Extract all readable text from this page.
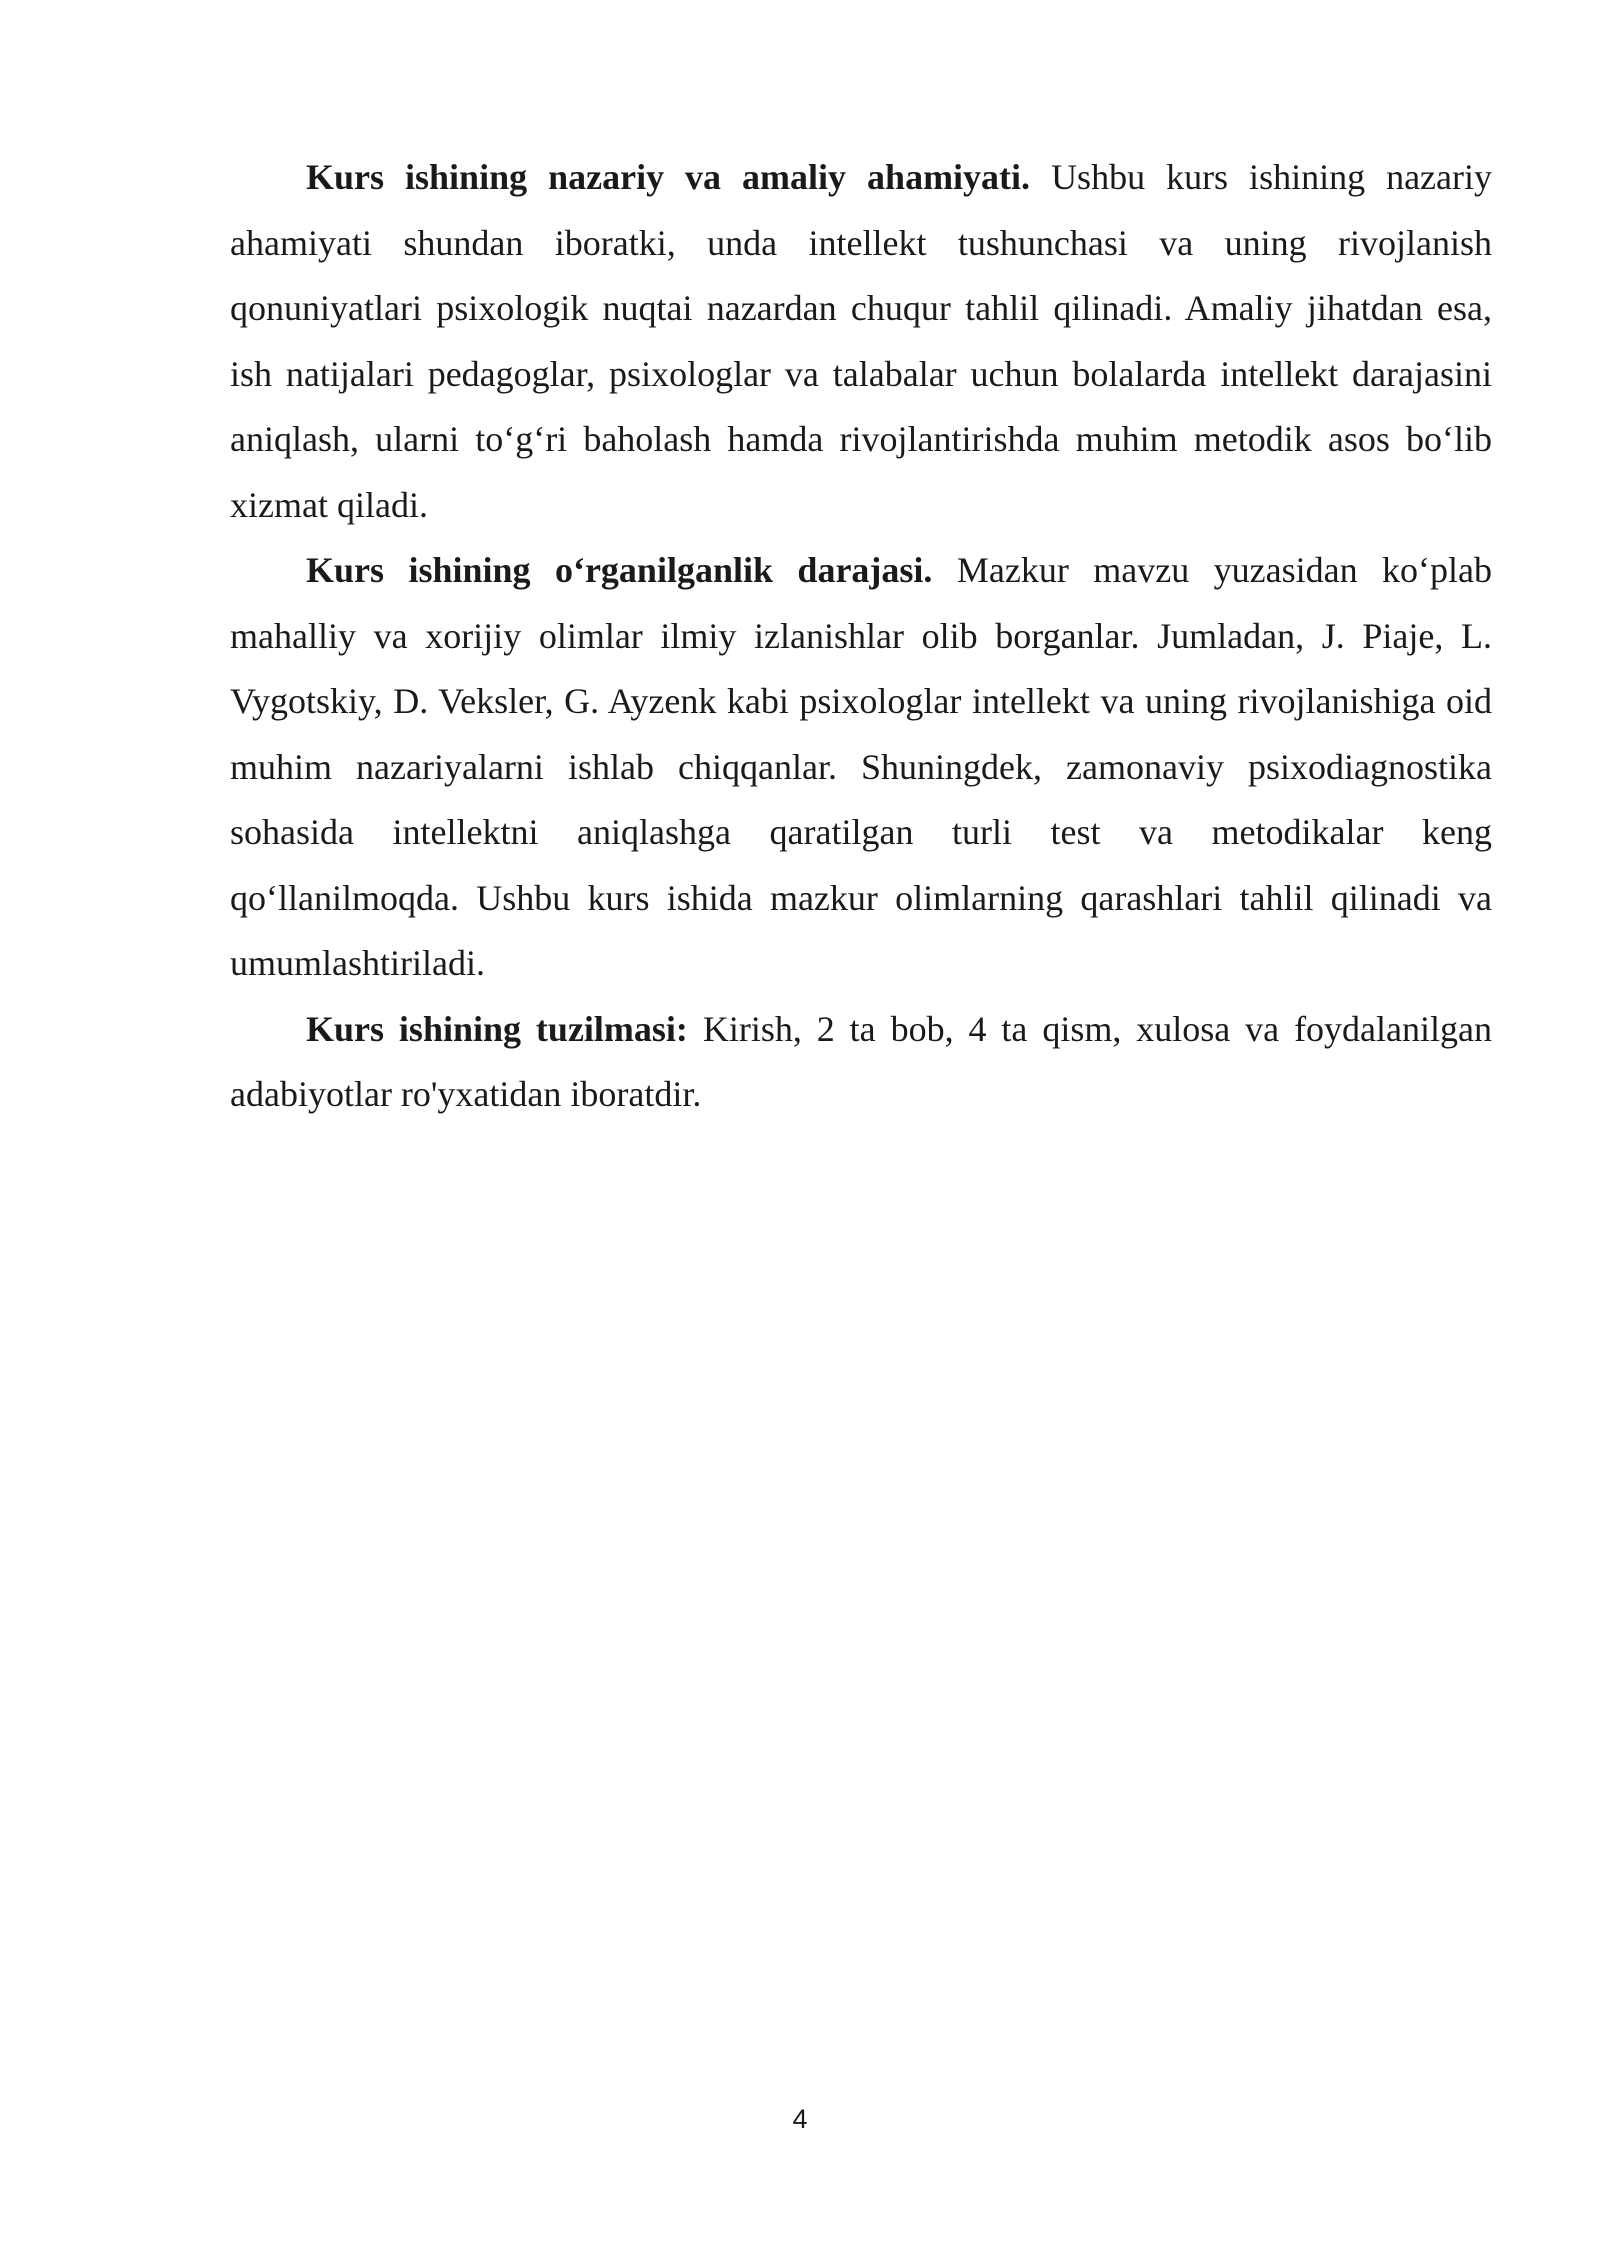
Kurs ishining nazariy va amaliy ahamiyati. Ushbu kurs ishining nazariy ahamiyati shundan iboratki, unda intellekt tushunchasi va uning rivojlanish qonuniyatlari psixologik nuqtai nazardan chuqur tahlil qilinadi. Amaliy jihatdan esa, ish natijalari pedagoglar, psixologlar va talabalar uchun bolalarda intellekt darajasini aniqlash, ularni to‘g‘ri baholash hamda rivojlantirishda muhim metodik asos bo‘lib xizmat qiladi.

Kurs ishining o‘rganilganlik darajasi. Mazkur mavzu yuzasidan ko‘plab mahalliy va xorijiy olimlar ilmiy izlanishlar olib borganlar. Jumladan, J. Piaje, L. Vygotskiy, D. Veksler, G. Ayzenk kabi psixologlar intellekt va uning rivojlanishiga oid muhim nazariyalarni ishlab chiqqanlar. Shuningdek, zamonaviy psixodiagnostika sohasida intellektni aniqlashga qaratilgan turli test va metodikalar keng qo‘llanilmoqda. Ushbu kurs ishida mazkur olimlarning qarashlari tahlil qilinadi va umumlashtiriladi.

Kurs ishining tuzilmasi: Kirish, 2 ta bob, 4 ta qism, xulosa va foydalanilgan adabiyotlar ro'yxatidan iboratdir.

4
